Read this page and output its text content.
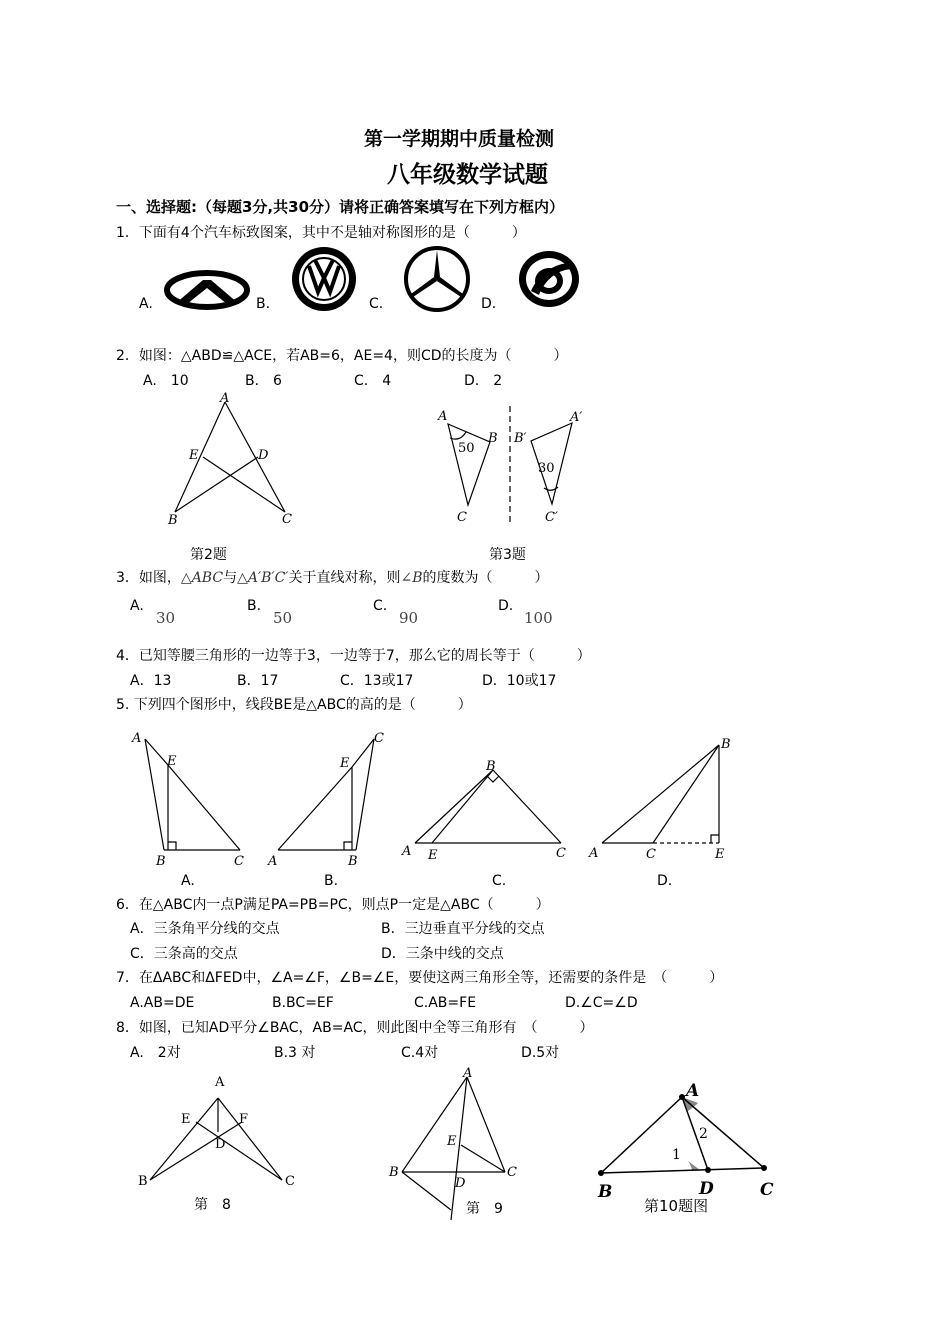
第一学期期中质量检测
八年级数学试题
一、选择题:（每题3分,共30分）请将正确答案填写在下列方框内）
1．下面有4个汽车标致图案，其中不是轴对称图形的是（　　　）
A.	B.	C.	D.
2．如图：△ABD≌△ACE，若AB=6，AE=4，则CD的长度为（　　　）
A.　10	B.　6	C.　4	D.　2
A
E	D
B	C
第2题
A
B
C
B′
A′
C′
50
30
第3题
3．如图，△ABC与△A′B′C′关于直线对称，则∠B的度数为（　　　）
A.
30
B.
50
C.
90
D.
100
4．已知等腰三角形的一边等于3，一边等于7，那么它的周长等于（　　　）
A．13	B．17	C．13或17	D．10或17
5. 下列四个图形中，线段BE是△ABC的高的是（　　　）
A
E
B	C
A.
C
E
A	B
B.
B
A E	C
C.
B
A	C	E
D.
6．在△ABC内一点P满足PA=PB=PC，则点P一定是△ABC（　　　）
A．三条角平分线的交点	B．三边垂直平分线的交点
C．三条高的交点	D．三条中线的交点
7．在ΔABC和ΔFED中，∠A=∠F，∠B=∠E，要使这两三角形全等，还需要的条件是　（　　　）
A.AB=DE	B.BC=EF	C.AB=FE	D.∠C=∠D
8．如图，已知AD平分∠BAC，AB=AC，则此图中全等三角形有　（　　　）
A.　2对	B.3 对	C.4对	D.5对
A
E	F
D
B	C
第　8
A
E
B	C
D
第　9
A
B	D	C
1
2
第10题图
